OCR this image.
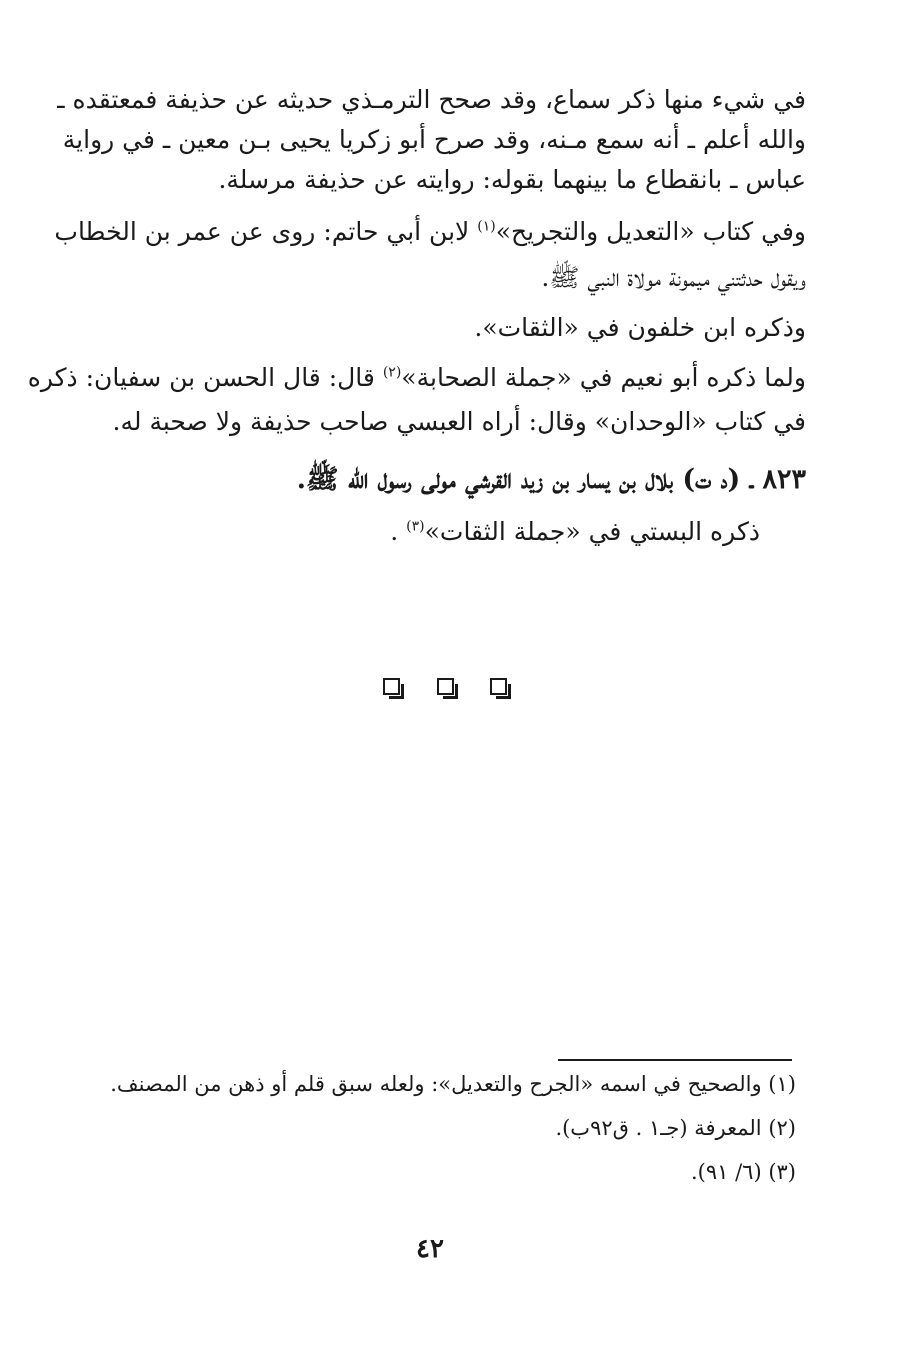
في شيء منها ذكر سماع، وقد صحح الترمـذي حديثه عن حذيفة فمعتقده ـ
والله أعلم ـ أنه سمع مـنه، وقد صرح أبو زكريا يحيى بـن معين ـ في رواية
عباس ـ بانقطاع ما بينهما بقوله: روايته عن حذيفة مرسلة.
وفي كتاب «التعديل والتجريح»$^{(١)}$ لابن أبي حاتم: روى عن عمر بن الخطاب
ويقول حدثتني ميمونة مولاة النبي ﷺ.
وذكره ابن خلفون في «الثقات».
ولما ذكره أبو نعيم في «جملة الصحابة»$^{(٢)}$ قال: قال الحسن بن سفيان: ذكره
في كتاب «الوحدان» وقال: أراه العبسي صاحب حذيفة ولا صحبة له.
٨٢٣ ـ (د ت) بلال بن يسار بن زيد القرشي مولى رسول الله ﷺ.
ذكره البستي في «جملة الثقات»$^{(٣)}$ .
(١) والصحيح في اسمه «الجرح والتعديل»: ولعله سبق قلم أو ذهن من المصنف.
(٢) المعرفة (جـ١ . ق٩٢ب).
(٣) (٦/ ٩١).
٤٢
